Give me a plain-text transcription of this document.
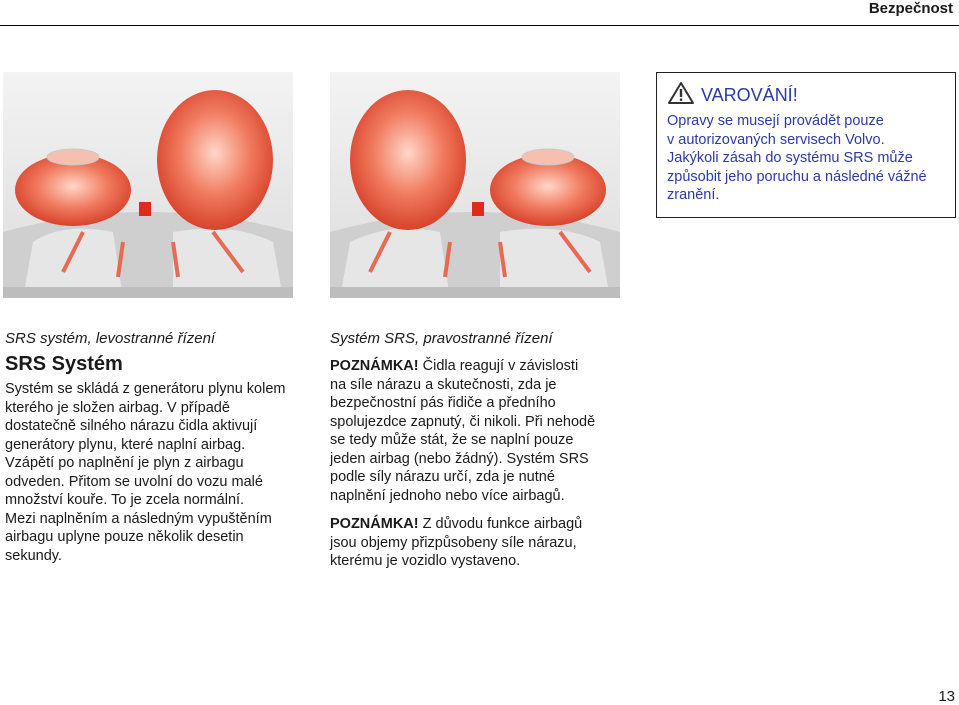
Bezpečnost
VAROVÁNÍ!
Opravy se musejí provádět pouze
v autorizovaných servisech Volvo.
Jakýkoli zásah do systému SRS může
způsobit jeho poruchu a následné vážné
zranění.
SRS systém, levostranné řízení	Systém SRS, pravostranné řízení
SRS Systém
Systém se skládá z generátoru plynu kolem
kterého je složen airbag. V případě
dostatečně silného nárazu čidla aktivují
generátory plynu, které naplní airbag.
Vzápětí po naplnění je plyn z airbagu
odveden. Přitom se uvolní do vozu malé
množství kouře. To je zcela normální.
Mezi naplněním a následným vypuštěním
airbagu uplyne pouze několik desetin
sekundy.
POZNÁMKA! Čidla reagují v závislosti
na síle nárazu a skutečnosti, zda je
bezpečnostní pás řidiče a předního
spolujezdce zapnutý, či nikoli. Při nehodě
se tedy může stát, že se naplní pouze
jeden airbag (nebo žádný). Systém SRS
podle síly nárazu určí, zda je nutné
naplnění jednoho nebo více airbagů.
POZNÁMKA! Z důvodu funkce airbagů
jsou objemy přizpůsobeny síle nárazu,
kterému je vozidlo vystaveno.
13
